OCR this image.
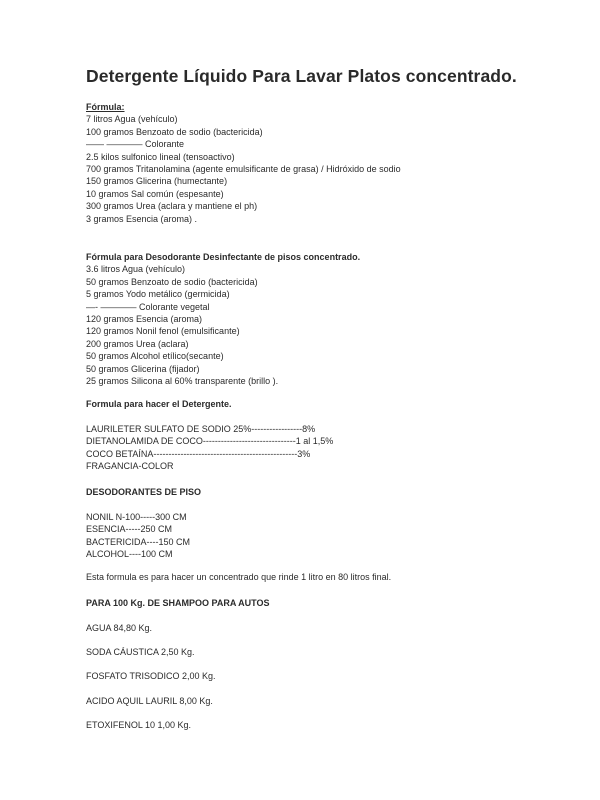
Detergente Líquido Para Lavar Platos concentrado.
Fórmula:
7 litros Agua (vehículo)
100 gramos Benzoato de sodio (bactericida)
—— ———— Colorante
2.5 kilos sulfonico lineal (tensoactivo)
700 gramos Tritanolamina (agente emulsificante de grasa) / Hidróxido de sodio
150 gramos Glicerina (humectante)
10 gramos Sal común (espesante)
300 gramos Urea (aclara y mantiene el ph)
3 gramos Esencia (aroma) .
Fórmula para Desodorante Desinfectante de pisos concentrado.
3.6 litros Agua (vehículo)
50 gramos Benzoato de sodio (bactericida)
5 gramos Yodo metálico (germicida)
—- ———— Colorante vegetal
120 gramos Esencia (aroma)
120 gramos Nonil fenol (emulsificante)
200 gramos Urea (aclara)
50 gramos Alcohol etílico(secante)
50 gramos Glicerina (fijador)
25 gramos Silicona al 60% transparente (brillo ).
Formula para hacer el Detergente.
LAURILETER SULFATO DE SODIO 25%-----------------8%
DIETANOLAMIDA DE COCO-------------------------------1 al 1,5%
COCO BETAÍNA------------------------------------------------3%
FRAGANCIA-COLOR
DESODORANTES DE PISO
NONIL N-100-----300 CM
ESENCIA-----250 CM
BACTERICIDA----150 CM
ALCOHOL----100 CM
Esta formula es para hacer un concentrado que rinde 1 litro en 80 litros final.
PARA 100 Kg. DE SHAMPOO PARA AUTOS
AGUA 84,80 Kg.
SODA CÁUSTICA 2,50 Kg.
FOSFATO TRISODICO 2,00 Kg.
ACIDO AQUIL LAURIL 8,00 Kg.
ETOXIFENOL 10 1,00 Kg.
